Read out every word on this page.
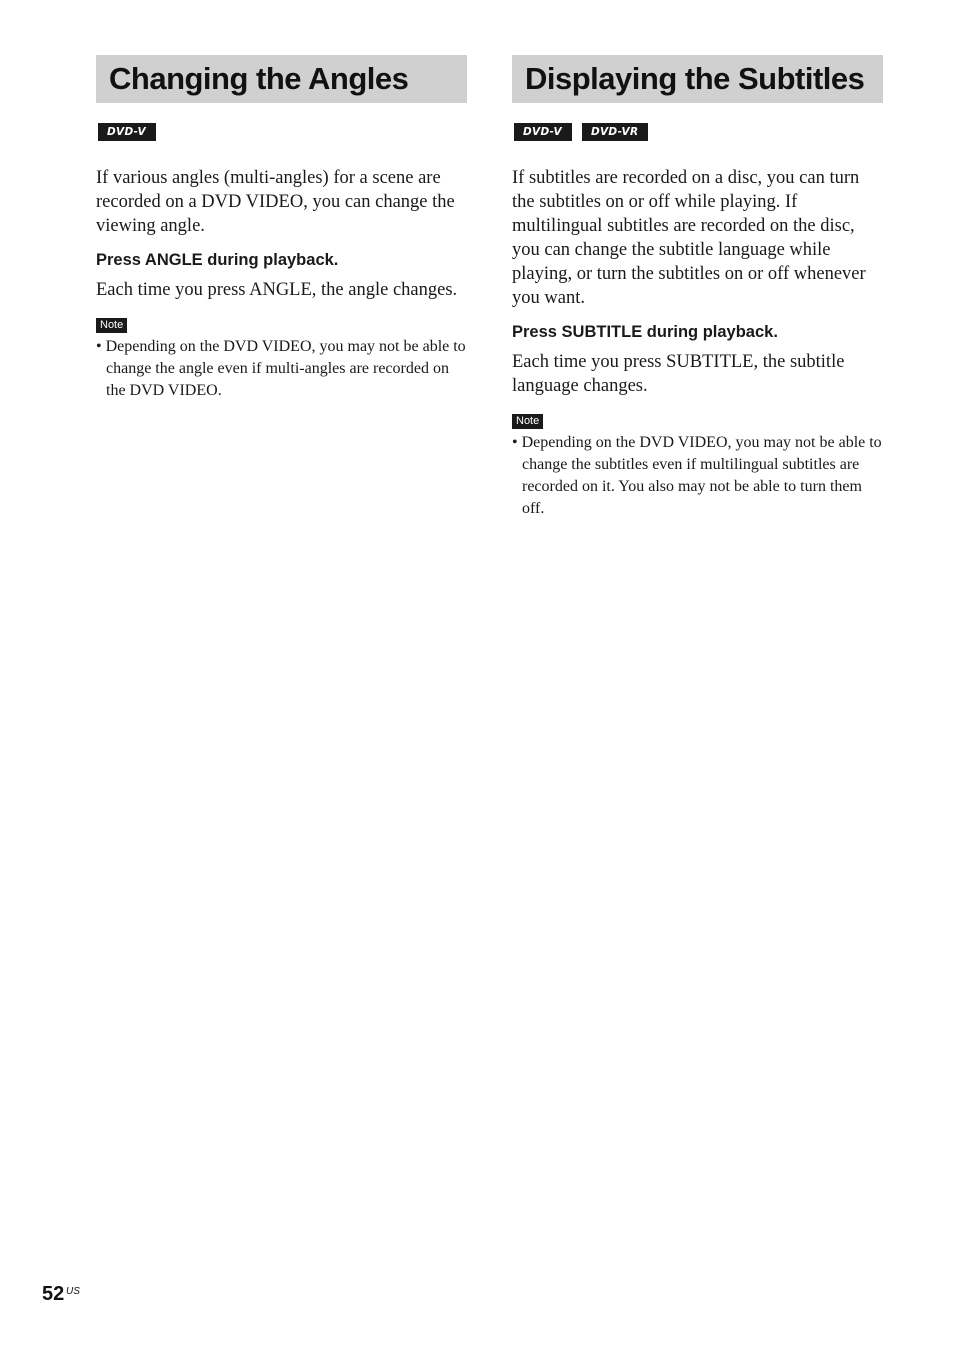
Changing the Angles
DVD-V

If various angles (multi-angles) for a scene are recorded on a DVD VIDEO, you can change the viewing angle.

Press ANGLE during playback.

Each time you press ANGLE, the angle changes.

Note

• Depending on the DVD VIDEO, you may not be able to change the angle even if multi-angles are recorded on the DVD VIDEO.

Displaying the Subtitles
DVD-V	DVD-VR

If subtitles are recorded on a disc, you can turn the subtitles on or off while playing. If multilingual subtitles are recorded on the disc, you can change the subtitle language while playing, or turn the subtitles on or off whenever you want.

Press SUBTITLE during playback.

Each time you press SUBTITLE, the subtitle language changes.

Note

• Depending on the DVD VIDEO, you may not be able to change the subtitles even if multilingual subtitles are recorded on it. You also may not be able to turn them off.

52 US
